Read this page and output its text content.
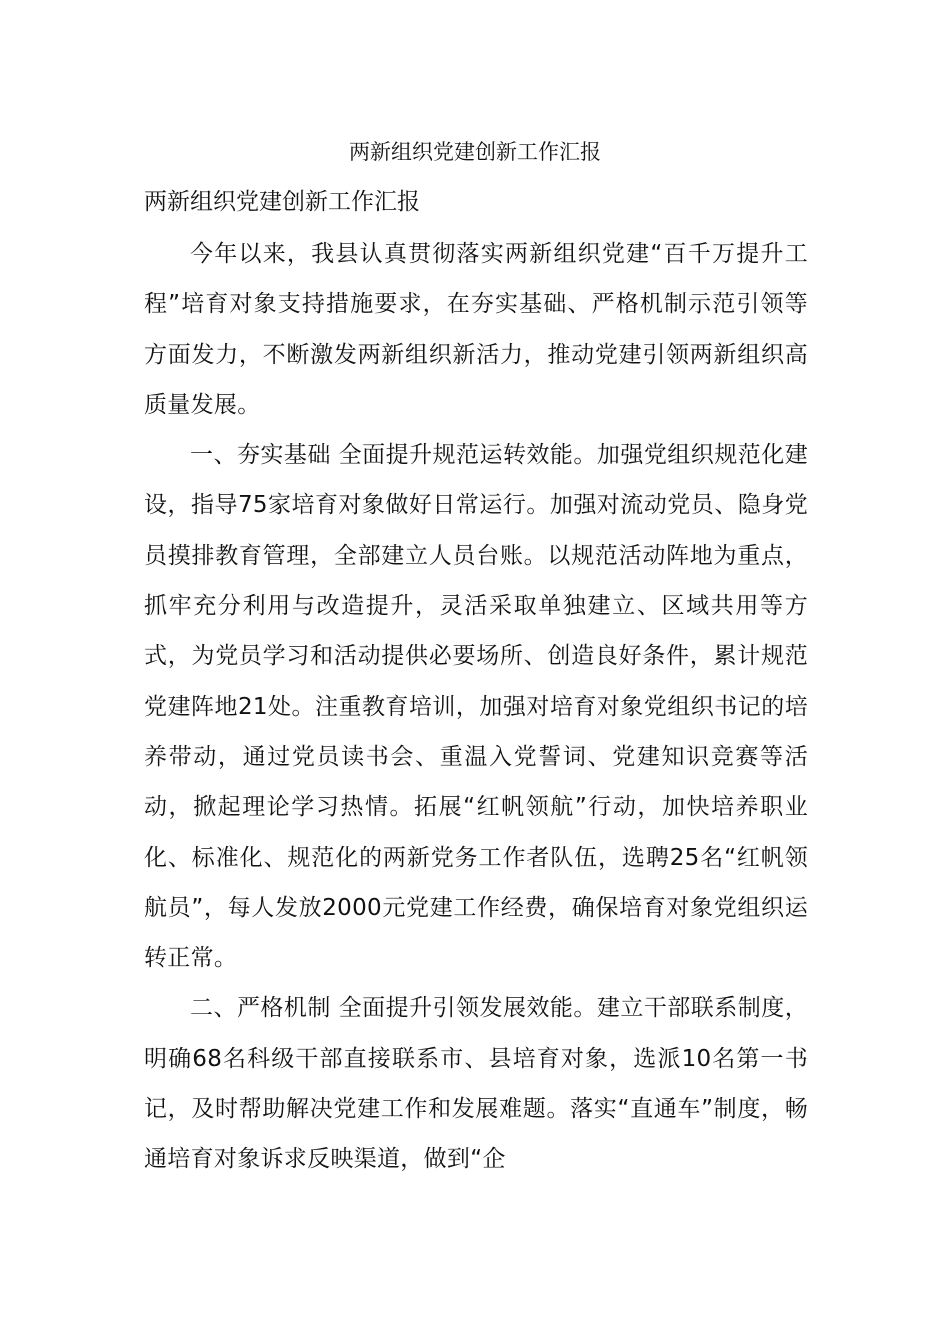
两新组织党建创新工作汇报
两新组织党建创新工作汇报

今年以来，我县认真贯彻落实两新组织党建“百千万提升工程”培育对象支持措施要求，在夯实基础、严格机制示范引领等方面发力，不断激发两新组织新活力，推动党建引领两新组织高质量发展。

一、夯实基础 全面提升规范运转效能。加强党组织规范化建设，指导75家培育对象做好日常运行。加强对流动党员、隐身党员摸排教育管理，全部建立人员台账。以规范活动阵地为重点，抓牢充分利用与改造提升，灵活采取单独建立、区域共用等方式，为党员学习和活动提供必要场所、创造良好条件，累计规范党建阵地21处。注重教育培训，加强对培育对象党组织书记的培养带动，通过党员读书会、重温入党誓词、党建知识竞赛等活动，掀起理论学习热情。拓展“红帆领航”行动，加快培养职业化、标准化、规范化的两新党务工作者队伍，选聘25名“红帆领航员”，每人发放2000元党建工作经费，确保培育对象党组织运转正常。

二、严格机制 全面提升引领发展效能。建立干部联系制度，明确68名科级干部直接联系市、县培育对象，选派10名第一书记，及时帮助解决党建工作和发展难题。落实“直通车”制度，畅通培育对象诉求反映渠道，做到“企
